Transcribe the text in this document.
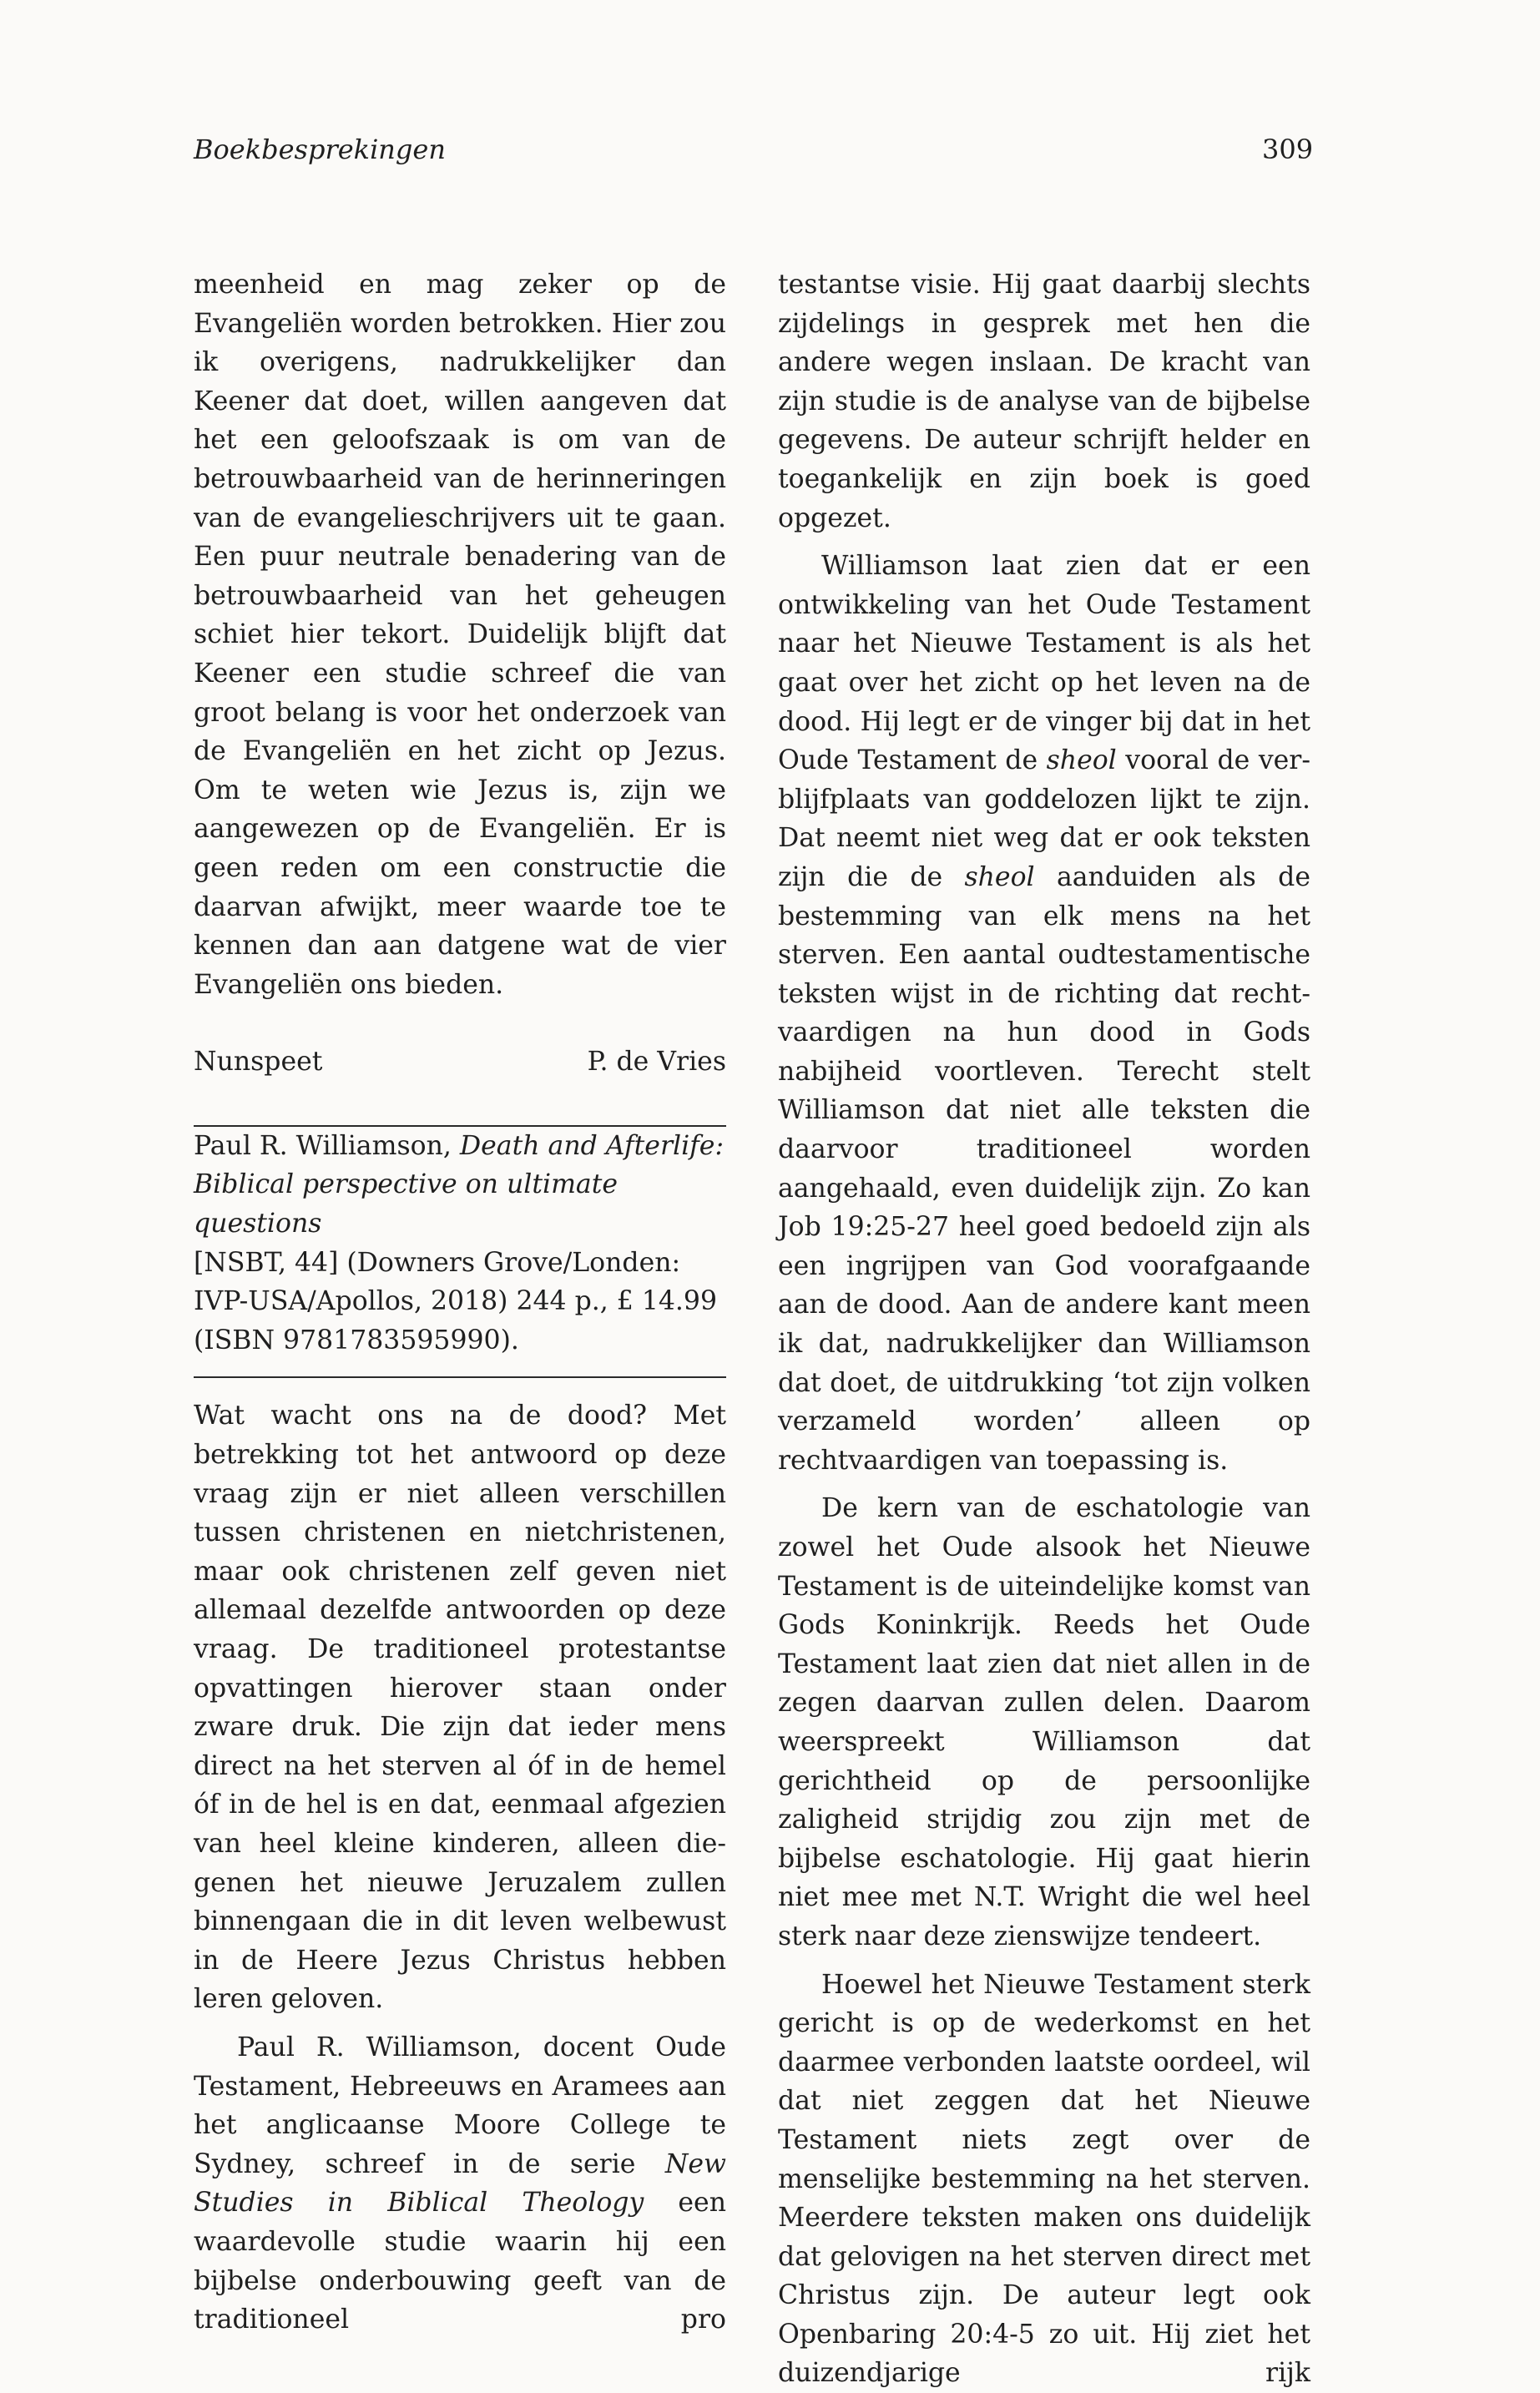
Boekbesprekingen	309

meenheid en mag zeker op de Evangeliën worden betrokken. Hier zou ik overigens, nadrukkelijker dan Keener dat doet, willen aangeven dat het een geloofszaak is om van de betrouwbaarheid van de herinneringen van de evangelieschrijvers uit te gaan. Een puur neutrale benadering van de betrouwbaarheid van het geheugen schiet hier tekort. Duidelijk blijft dat Keener een studie schreef die van groot belang is voor het onderzoek van de Evangeliën en het zicht op Jezus. Om te weten wie Jezus is, zijn we aangewezen op de Evangeliën. Er is geen reden om een constructie die daarvan afwijkt, meer waarde toe te kennen dan aan datgene wat de vier Evangeliën ons bieden.

Nunspeet	P. de Vries

Paul R. Williamson, Death and Afterlife:
Biblical perspective on ultimate questions
[NSBT, 44] (Downers Grove/Londen:
IVP-USA/Apollos, 2018) 244 p., £ 14.99
(ISBN 9781783595990).

Wat wacht ons na de dood? Met betrekking tot het antwoord op deze vraag zijn er niet alleen verschillen tussen christenen en nietchristenen, maar ook christenen zelf geven niet allemaal dezelfde antwoorden op deze vraag. De traditioneel protestantse opvattingen hierover staan onder zware druk. Die zijn dat ieder mens direct na het sterven al óf in de hemel óf in de hel is en dat, eenmaal afgezien van heel kleine kinderen, alleen diegenen het nieuwe Jeruzalem zullen binnengaan die in dit leven welbewust in de Heere Jezus Christus hebben leren geloven.

Paul R. Williamson, docent Oude Testament, Hebreeuws en Aramees aan het anglicaanse Moore College te Sydney, schreef in de serie New Studies in Biblical Theology een waardevolle studie waarin hij een bijbelse onderbouwing geeft van de traditioneel pro

testantse visie. Hij gaat daarbij slechts zijdelings in gesprek met hen die andere wegen inslaan. De kracht van zijn studie is de analyse van de bijbelse gegevens. De auteur schrijft helder en toegankelijk en zijn boek is goed opgezet.

Williamson laat zien dat er een ontwikkeling van het Oude Testament naar het Nieuwe Testament is als het gaat over het zicht op het leven na de dood. Hij legt er de vinger bij dat in het Oude Testament de sheol vooral de verblijfplaats van goddelozen lijkt te zijn. Dat neemt niet weg dat er ook teksten zijn die de sheol aanduiden als de bestemming van elk mens na het sterven. Een aantal oudtestamentische teksten wijst in de richting dat rechtvaardigen na hun dood in Gods nabijheid voortleven. Terecht stelt Williamson dat niet alle teksten die daarvoor traditioneel worden aangehaald, even duidelijk zijn. Zo kan Job 19:25-27 heel goed bedoeld zijn als een ingrijpen van God voorafgaande aan de dood. Aan de andere kant meen ik dat, nadrukkelijker dan Williamson dat doet, de uitdrukking ‘tot zijn volken verzameld worden’ alleen op rechtvaardigen van toepassing is.

De kern van de eschatologie van zowel het Oude alsook het Nieuwe Testament is de uiteindelijke komst van Gods Koninkrijk. Reeds het Oude Testament laat zien dat niet allen in de zegen daarvan zullen delen. Daarom weerspreekt Williamson dat gerichtheid op de persoonlijke zaligheid strijdig zou zijn met de bijbelse eschatologie. Hij gaat hierin niet mee met N.T. Wright die wel heel sterk naar deze zienswijze tendeert.

Hoewel het Nieuwe Testament sterk gericht is op de wederkomst en het daarmee verbonden laatste oordeel, wil dat niet zeggen dat het Nieuwe Testament niets zegt over de menselijke bestemming na het sterven. Meerdere teksten maken ons duidelijk dat gelovigen na het sterven direct met Christus zijn. De auteur legt ook Openbaring 20:4-5 zo uit. Hij ziet het duizendjarige rijk
